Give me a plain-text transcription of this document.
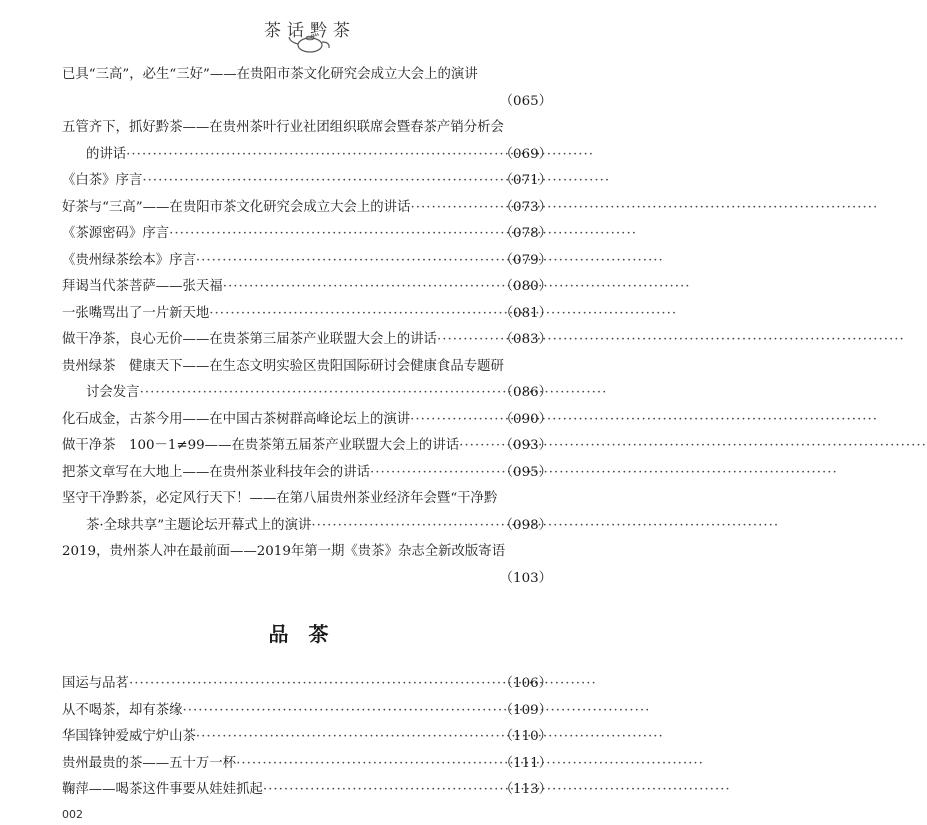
茶话黔茶
已具“三高”，必生“三好”——在贵阳市茶文化研究会成立大会上的演讲
（065）
五管齐下，抓好黔茶——在贵州茶叶行业社团组织联席会暨春茶产销分析会
的讲话 ·····	（069）
《白茶》序言 ·····	（071）
好茶与“三高”——在贵阳市茶文化研究会成立大会上的讲话 ·····	（073）
《茶源密码》序言 ·····	（078）
《贵州绿茶绘本》序言 ·····	（079）
拜谒当代茶菩萨——张天福 ·····	（080）
一张嘴骂出了一片新天地 ·····	（081）
做干净茶，良心无价——在贵茶第三届茶产业联盟大会上的讲话 ·····	（083）
贵州绿茶　健康天下——在生态文明实验区贵阳国际研讨会健康食品专题研
讨会发言 ·····	（086）
化石成金，古茶今用——在中国古茶树群高峰论坛上的演讲 ·····	（090）
做干净茶　100－1≠99——在贵茶第五届茶产业联盟大会上的讲话 ·····	（093）
把茶文章写在大地上——在贵州茶业科技年会的讲话 ·····	（095）
坚守干净黔茶，必定风行天下！——在第八届贵州茶业经济年会暨“干净黔
茶·全球共享”主题论坛开幕式上的演讲 ·····	（098）
2019，贵州茶人冲在最前面——2019年第一期《贵茶》杂志全新改版寄语
（103）
品茶
国运与品茗 ·····	（106）
从不喝茶，却有茶缘 ·····	（109）
华国锋钟爱威宁炉山茶 ·····	（110）
贵州最贵的茶——五十万一杯 ·····	（111）
鞠萍——喝茶这件事要从娃娃抓起 ·····	（113）
002
